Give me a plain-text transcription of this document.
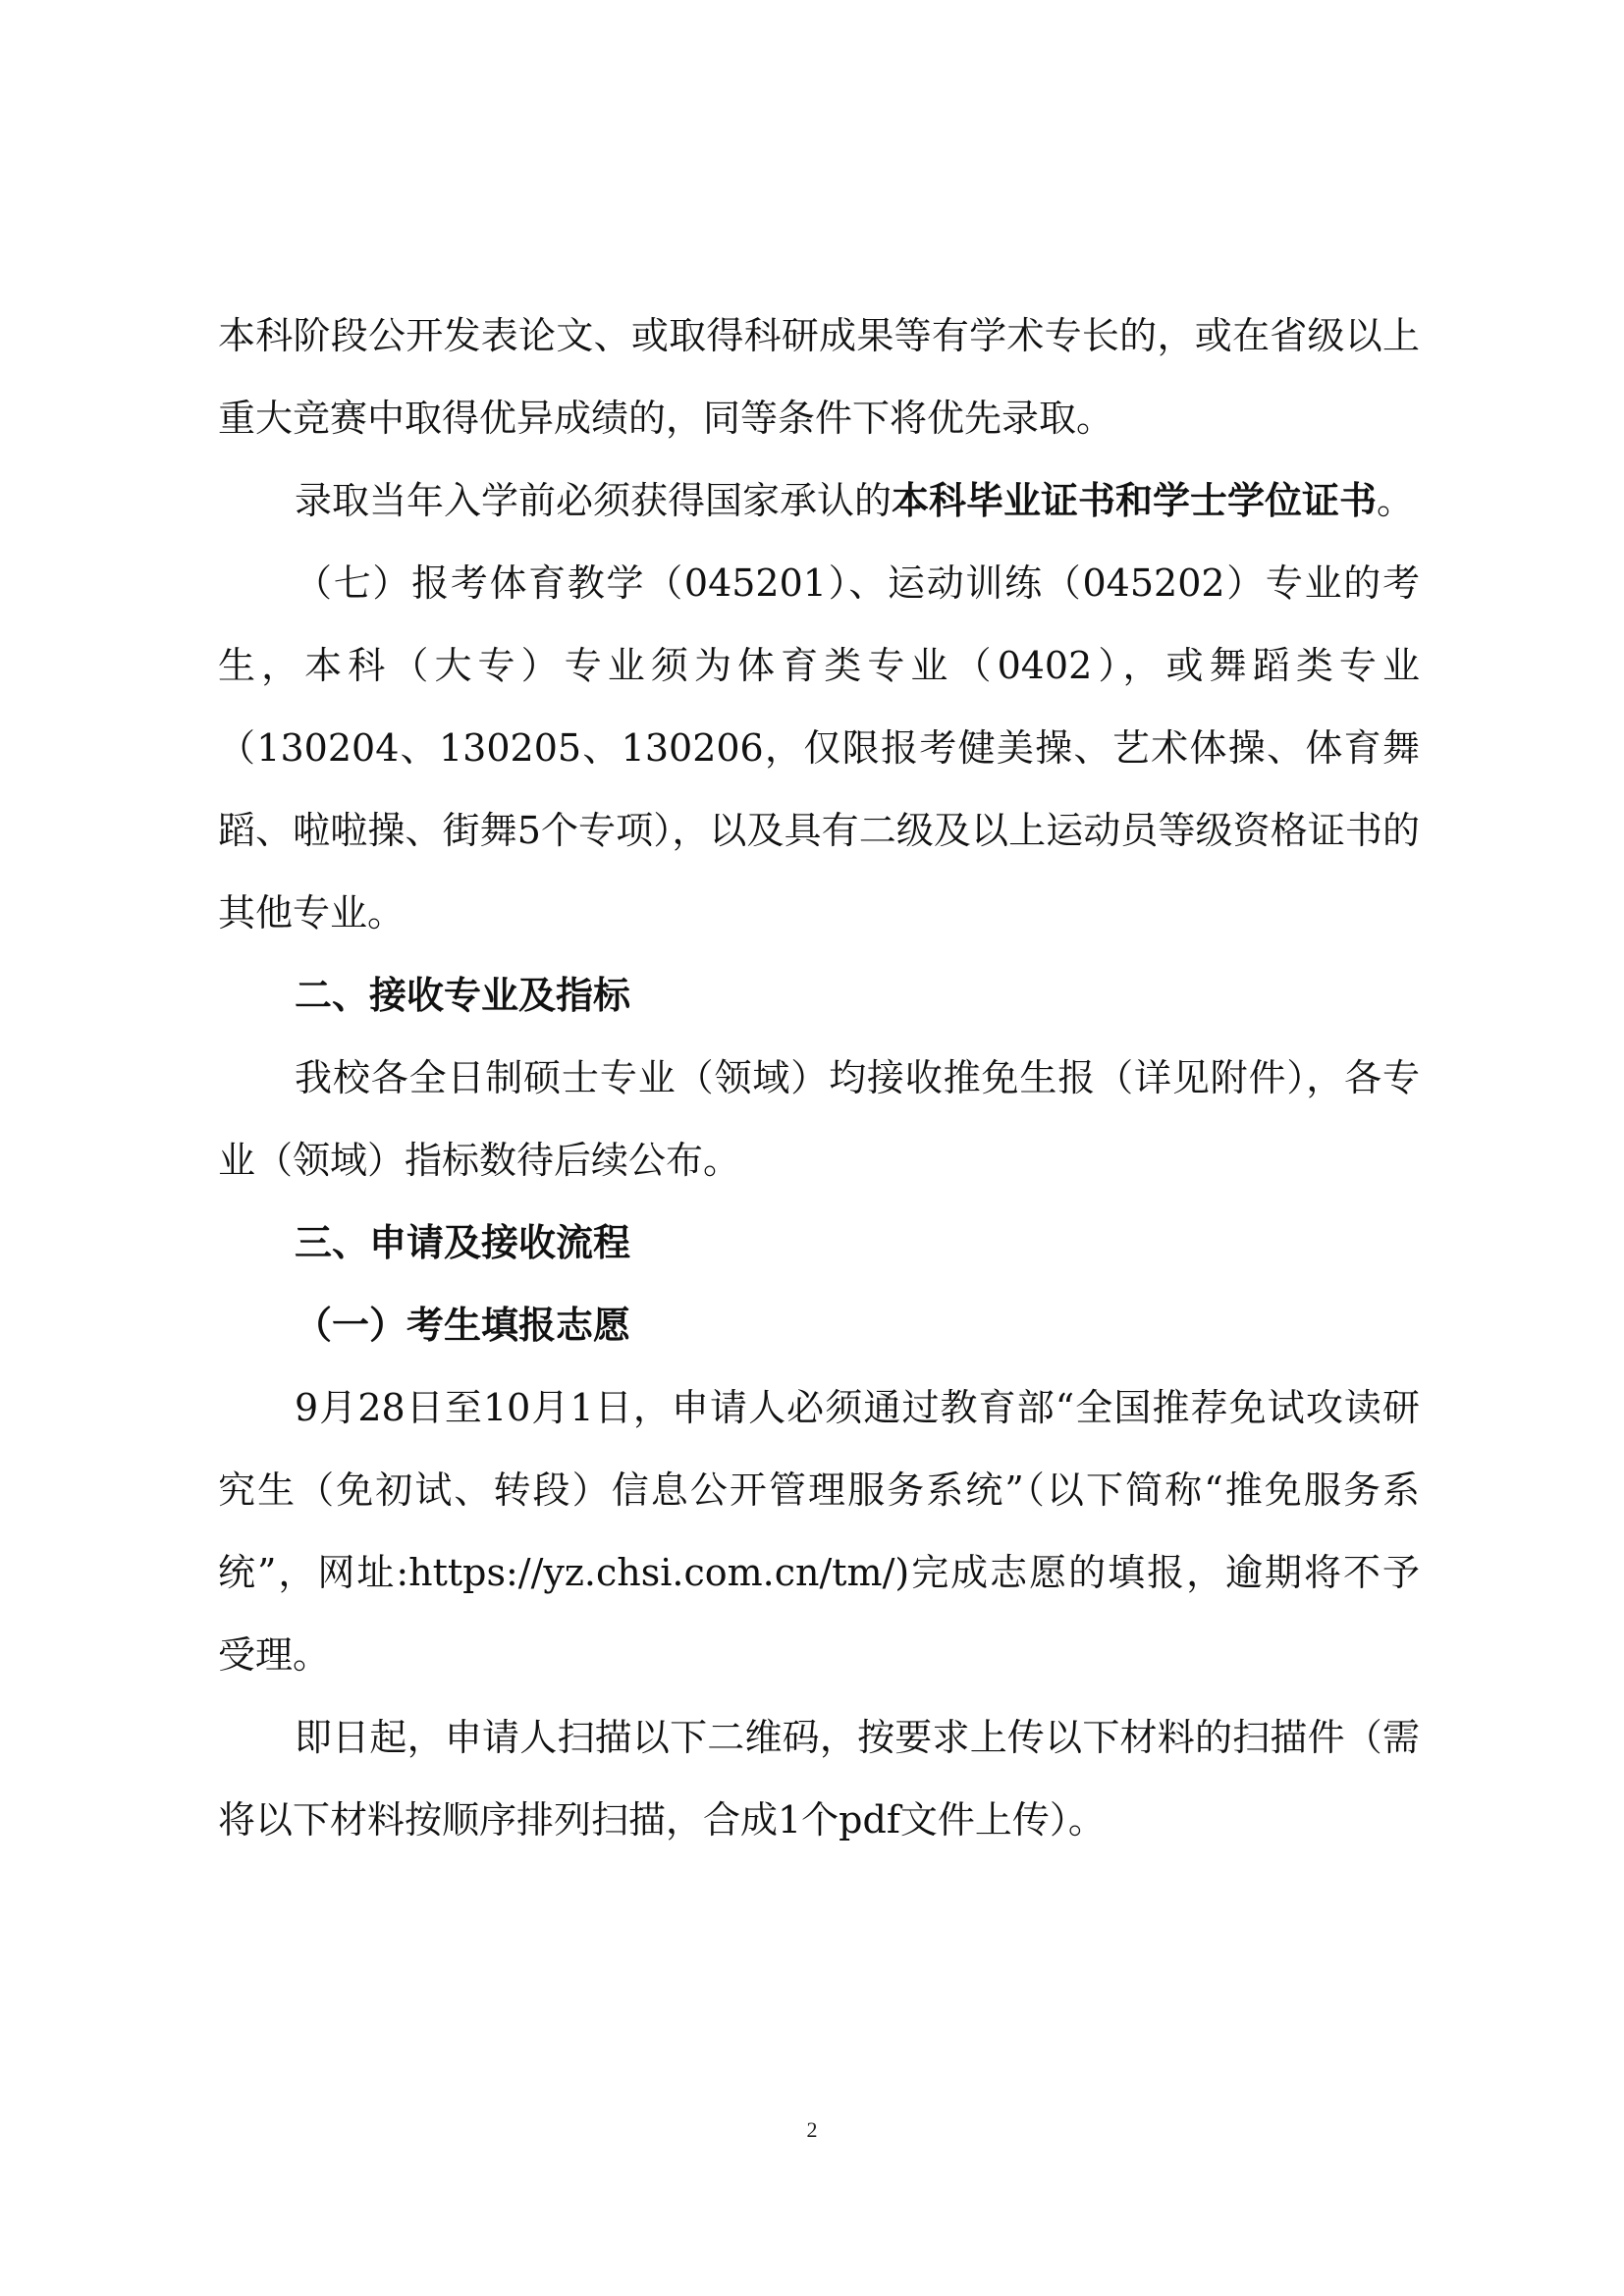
本科阶段公开发表论文、或取得科研成果等有学术专长的，或在省级以上重大竞赛中取得优异成绩的，同等条件下将优先录取。

录取当年入学前必须获得国家承认的本科毕业证书和学士学位证书。

（七）报考体育教学（045201）、运动训练（045202）专业的考生，本科（大专）专业须为体育类专业（0402），或舞蹈类专业（130204、130205、130206，仅限报考健美操、艺术体操、体育舞蹈、啦啦操、街舞5个专项），以及具有二级及以上运动员等级资格证书的其他专业。

二、接收专业及指标

我校各全日制硕士专业（领域）均接收推免生报（详见附件），各专业（领域）指标数待后续公布。

三、申请及接收流程

（一）考生填报志愿

9月28日至10月1日，申请人必须通过教育部“全国推荐免试攻读研究生（免初试、转段）信息公开管理服务系统”（以下简称“推免服务系统”，网址:https://yz.chsi.com.cn/tm/)完成志愿的填报，逾期将不予受理。

即日起，申请人扫描以下二维码，按要求上传以下材料的扫描件（需将以下材料按顺序排列扫描，合成1个pdf文件上传）。

2
